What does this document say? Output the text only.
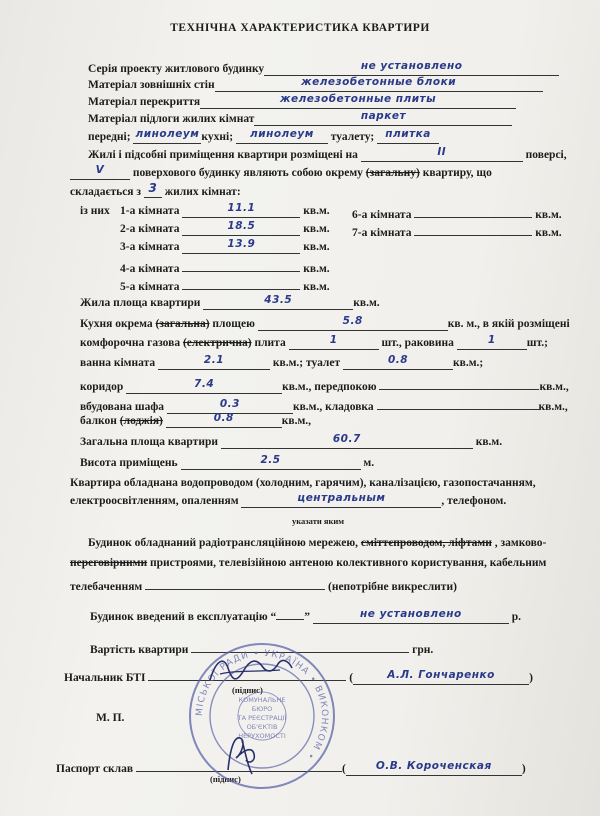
ТЕХНІЧНА ХАРАКТЕРИСТИКА КВАРТИРИ
Серія проекту житлового будинку	не установлено
Матеріал зовнішніх стін	железобетонные блоки
Матеріал перекриття	железобетонные плиты
Матеріал підлоги жилих кімнат	паркет
передні; линолеум кухні; линолеум туалету; плитка
Жилі і підсобні приміщення квартири розміщені на	II	поверсі,
V поверхового будинку являють собою окрему (загальну) квартиру, що
складається з 3 жилих кімнат:
із них 1-а кімната	11.1	кв.м.
2-а кімната	18.5	кв.м.
3-а кімната	13.9	кв.м.
4-а кімната	кв.м.
5-а кімната	кв.м.
6-а кімната	кв.м.
7-а кімната	кв.м.
Жила площа квартири	43.5	кв.м.
Кухня окрема (загальна) площею	5.8	кв. м., в якій розміщені
комфорочна газова (електрична) плита	1	шт., раковина	1	шт.;
ванна кімната	2.1	кв.м.; туалет	0.8	кв.м.;
коридор	7.4	кв.м., передпокою	кв.м.,
вбудована шафа	0.3	кв.м., кладовка	кв.м.,
балкон (лоджія)	0.8	кв.м.,
Загальна площа квартири	60.7	кв.м.
Висота приміщень	2.5	м.
Квартира обладнана водопроводом (холодним, гарячим), каналізацією, газопостачанням,
електроосвітленням, опаленням	центральным	, телефоном.
указати яким
Будинок обладнаний радіотрансляційною мережею, сміттєпроводом, ліфтами , замково-
переговірними пристроями, телевізійною антеною колективного користування, кабельним
телебаченням	(непотрібне викреслити)
Будинок введений в експлуатацію “ ”	не установлено	р.
Вартість квартири	грн.
Начальник БТІ	(	А.Л. Гончаренко	)
(підпис)
М. П.
Паспорт склав	(	О.В. Короченская	)
(підпис)
МІСЬКОЇ РАДИ • УКРАЇНА • ВИКОНКОМ •
КОМУНАЛЬНЕ
БЮРО
ТА РЕЄСТРАЦІЇ
ОБ'ЄКТІВ
НЕРУХОМОСТІ
